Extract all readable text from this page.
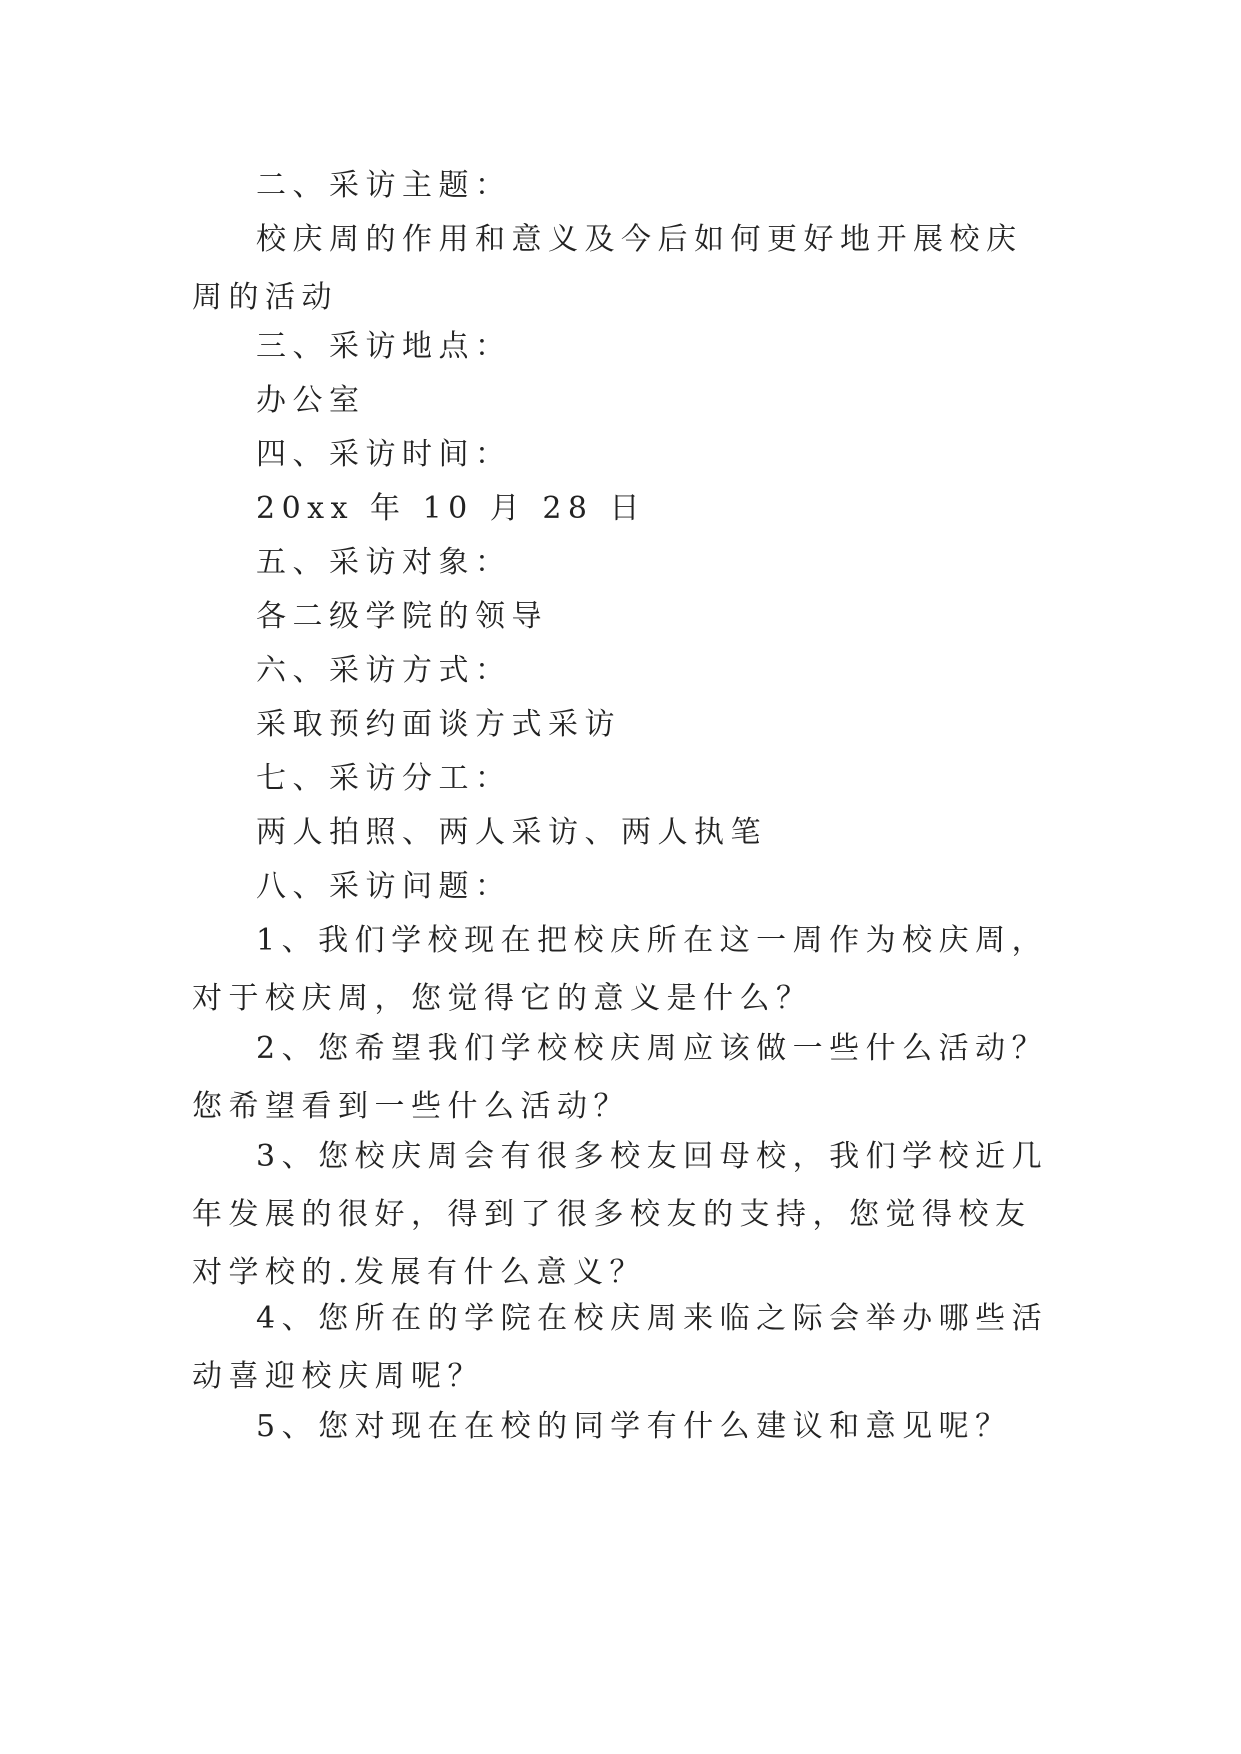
二、采访主题：

校庆周的作用和意义及今后如何更好地开展校庆周的活动

三、采访地点：

办公室

四、采访时间：

20xx 年 10 月 28 日

五、采访对象：

各二级学院的领导

六、采访方式：

采取预约面谈方式采访

七、采访分工：

两人拍照、两人采访、两人执笔

八、采访问题：

1、我们学校现在把校庆所在这一周作为校庆周，对于校庆周，您觉得它的意义是什么？

2、您希望我们学校校庆周应该做一些什么活动？您希望看到一些什么活动？

3、您校庆周会有很多校友回母校，我们学校近几年发展的很好，得到了很多校友的支持，您觉得校友对学校的.发展有什么意义？

4、您所在的学院在校庆周来临之际会举办哪些活动喜迎校庆周呢？

5、您对现在在校的同学有什么建议和意见呢？
